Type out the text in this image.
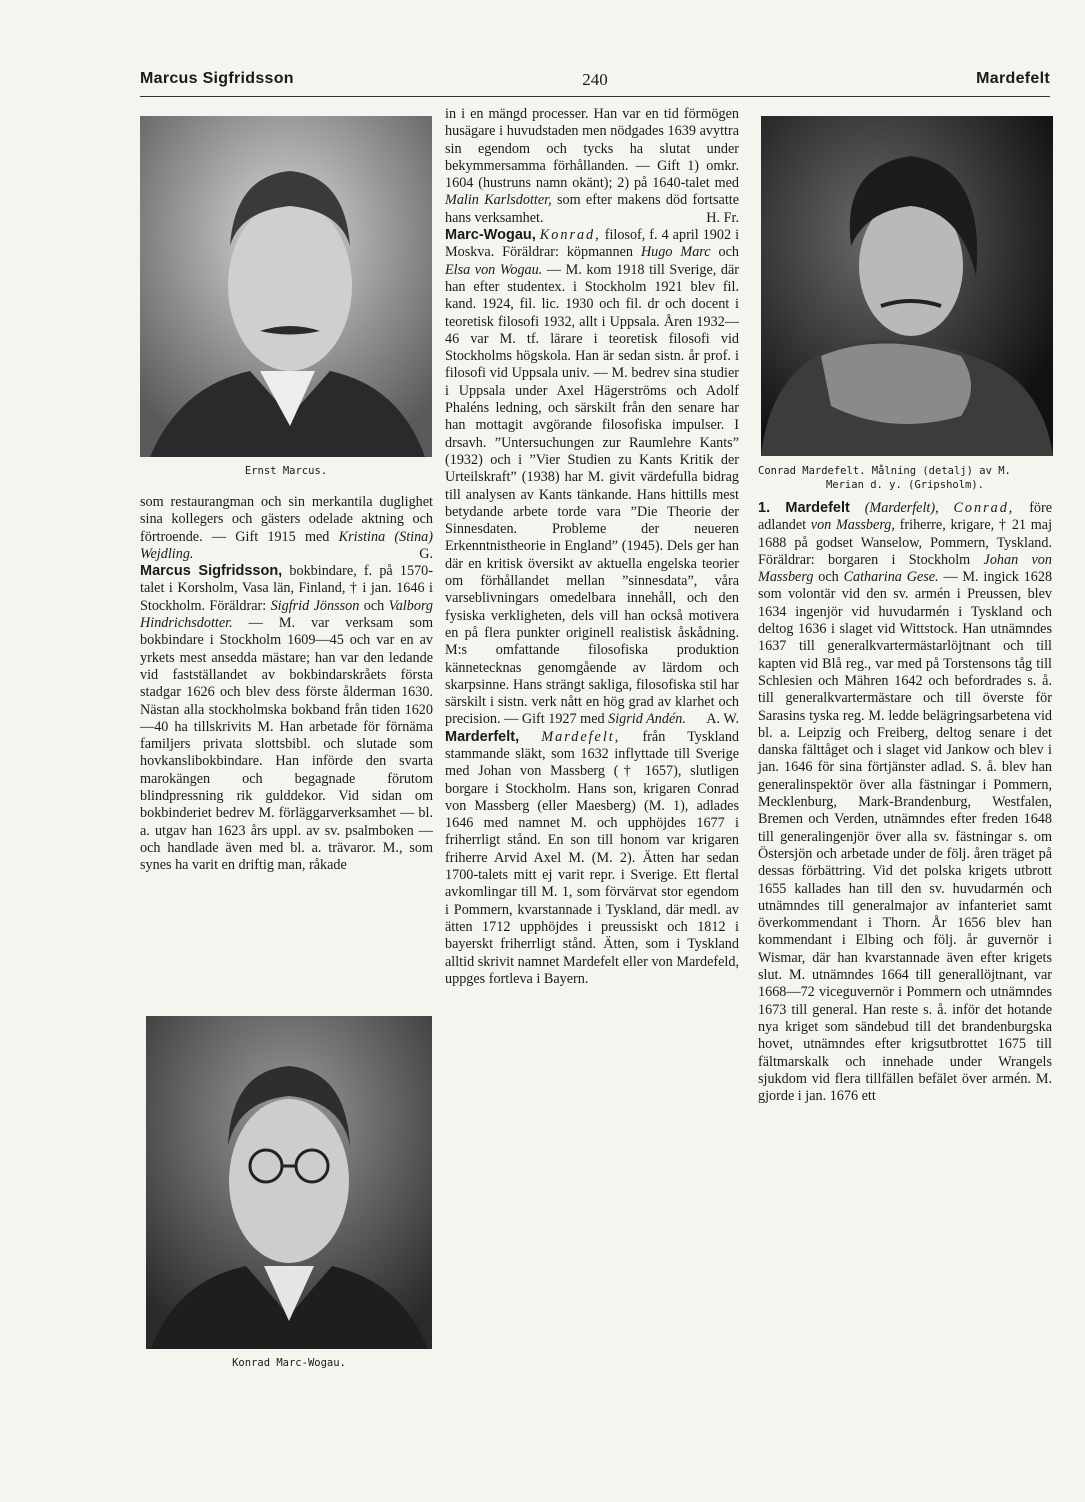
240
Marcus Sigfridsson	Mardefelt
Ernst Marcus.

som restaurangman och sin merkantila duglighet sina kollegers och gästers odelade aktning och förtroende. — Gift 1915 med Kristina (Stina) Wejdling.	G.

Marcus Sigfridsson, bokbindare, f. på 1570-talet i Korsholm, Vasa län, Finland, † i jan. 1646 i Stockholm. Föräldrar: Sigfrid Jönsson och Valborg Hindrichsdotter. — M. var verksam som bokbindare i Stockholm 1609—45 och var en av yrkets mest ansedda mästare; han var den ledande vid fastställandet av bokbindarskråets första stadgar 1626 och blev dess förste ålderman 1630. Nästan alla stockholmska bokband från tiden 1620—40 ha tillskrivits M. Han arbetade för förnäma familjers privata slottsbibl. och slutade som hovkanslibokbindare. Han införde den svarta marokängen och begagnade förutom blindpressning rik gulddekor. Vid sidan om bokbinderiet bedrev M. förläggarverksamhet — bl. a. utgav han 1623 års uppl. av sv. psalmboken — och handlade även med bl. a. trävaror. M., som synes ha varit en driftig man, råkade

Konrad Marc-Wogau.

in i en mängd processer. Han var en tid förmögen husägare i huvudstaden men nödgades 1639 avyttra sin egendom och tycks ha slutat under bekymmersamma förhållanden. — Gift 1) omkr. 1604 (hustruns namn okänt); 2) på 1640-talet med Malin Karlsdotter, som efter makens död fortsatte hans verksamhet.	H. Fr.

Marc-Wogau, Konrad, filosof, f. 4 april 1902 i Moskva. Föräldrar: köpmannen Hugo Marc och Elsa von Wogau. — M. kom 1918 till Sverige, där han efter studentex. i Stockholm 1921 blev fil. kand. 1924, fil. lic. 1930 och fil. dr och docent i teoretisk filosofi 1932, allt i Uppsala. Åren 1932—46 var M. tf. lärare i teoretisk filosofi vid Stockholms högskola. Han är sedan sistn. år prof. i filosofi vid Uppsala univ. — M. bedrev sina studier i Uppsala under Axel Hägerströms och Adolf Phaléns ledning, och särskilt från den senare har han mottagit avgörande filosofiska impulser. I drsavh. ”Untersuchungen zur Raumlehre Kants” (1932) och i ”Vier Studien zu Kants Kritik der Urteilskraft” (1938) har M. givit värdefulla bidrag till analysen av Kants tänkande. Hans hittills mest betydande arbete torde vara ”Die Theorie der Sinnesdaten. Probleme der neueren Erkenntnistheorie in England” (1945). Dels ger han där en kritisk översikt av aktuella engelska teorier om förhållandet mellan ”sinnesdata”, våra varseblivningars omedelbara innehåll, och den fysiska verkligheten, dels vill han också motivera en på flera punkter originell realistisk åskådning. M:s omfattande filosofiska produktion kännetecknas genomgående av lärdom och skarpsinne. Hans strängt sakliga, filosofiska stil har särskilt i sistn. verk nått en hög grad av klarhet och precision. — Gift 1927 med Sigrid Andén. A. W.

Marderfelt, Mardefelt, från Tyskland stammande släkt, som 1632 inflyttade till Sverige med Johan von Massberg († 1657), slutligen borgare i Stockholm. Hans son, krigaren Conrad von Massberg (eller Maesberg) (M. 1), adlades 1646 med namnet M. och upphöjdes 1677 i friherrligt stånd. En son till honom var krigaren friherre Arvid Axel M. (M. 2). Ätten har sedan 1700-talets mitt ej varit repr. i Sverige. Ett flertal avkomlingar till M. 1, som förvärvat stor egendom i Pommern, kvarstannade i Tyskland, där medl. av ätten 1712 upphöjdes i preussiskt och 1812 i bayerskt friherrligt stånd. Ätten, som i Tyskland alltid skrivit namnet Mardefelt eller von Mardefeld, uppges fortleva i Bayern.

Conrad Mardefelt. Målning (detalj) av M.
Merian d. y. (Gripsholm).

1. Mardefelt (Marderfelt), Conrad, före adlandet von Massberg, friherre, krigare, † 21 maj 1688 på godset Wanselow, Pommern, Tyskland. Föräldrar: borgaren i Stockholm Johan von Massberg och Catharina Gese. — M. ingick 1628 som volontär vid den sv. armén i Preussen, blev 1634 ingenjör vid huvudarmén i Tyskland och deltog 1636 i slaget vid Wittstock. Han utnämndes 1637 till generalkvartermästarlöjtnant och till kapten vid Blå reg., var med på Torstensons tåg till Schlesien och Mähren 1642 och befordrades s. å. till generalkvartermästare och till överste för Sarasins tyska reg. M. ledde belägringsarbetena vid bl. a. Leipzig och Freiberg, deltog senare i det danska fälttåget och i slaget vid Jankow och blev i jan. 1646 för sina förtjänster adlad. S. å. blev han generalinspektör över alla fästningar i Pommern, Mecklenburg, Mark-Brandenburg, Westfalen, Bremen och Verden, utnämndes efter freden 1648 till generalingenjör över alla sv. fästningar s. om Östersjön och arbetade under de följ. åren träget på dessas förbättring. Vid det polska krigets utbrott 1655 kallades han till den sv. huvudarmén och utnämndes till generalmajor av infanteriet samt överkommendant i Thorn. År 1656 blev han kommendant i Elbing och följ. år guvernör i Wismar, där han kvarstannade även efter krigets slut. M. utnämndes 1664 till generallöjtnant, var 1668—72 viceguvernör i Pommern och utnämndes 1673 till general. Han reste s. å. inför det hotande nya kriget som sändebud till det brandenburgska hovet, utnämndes efter krigsutbrottet 1675 till fältmarskalk och innehade under Wrangels sjukdom vid flera tillfällen befälet över armén. M. gjorde i jan. 1676 ett
